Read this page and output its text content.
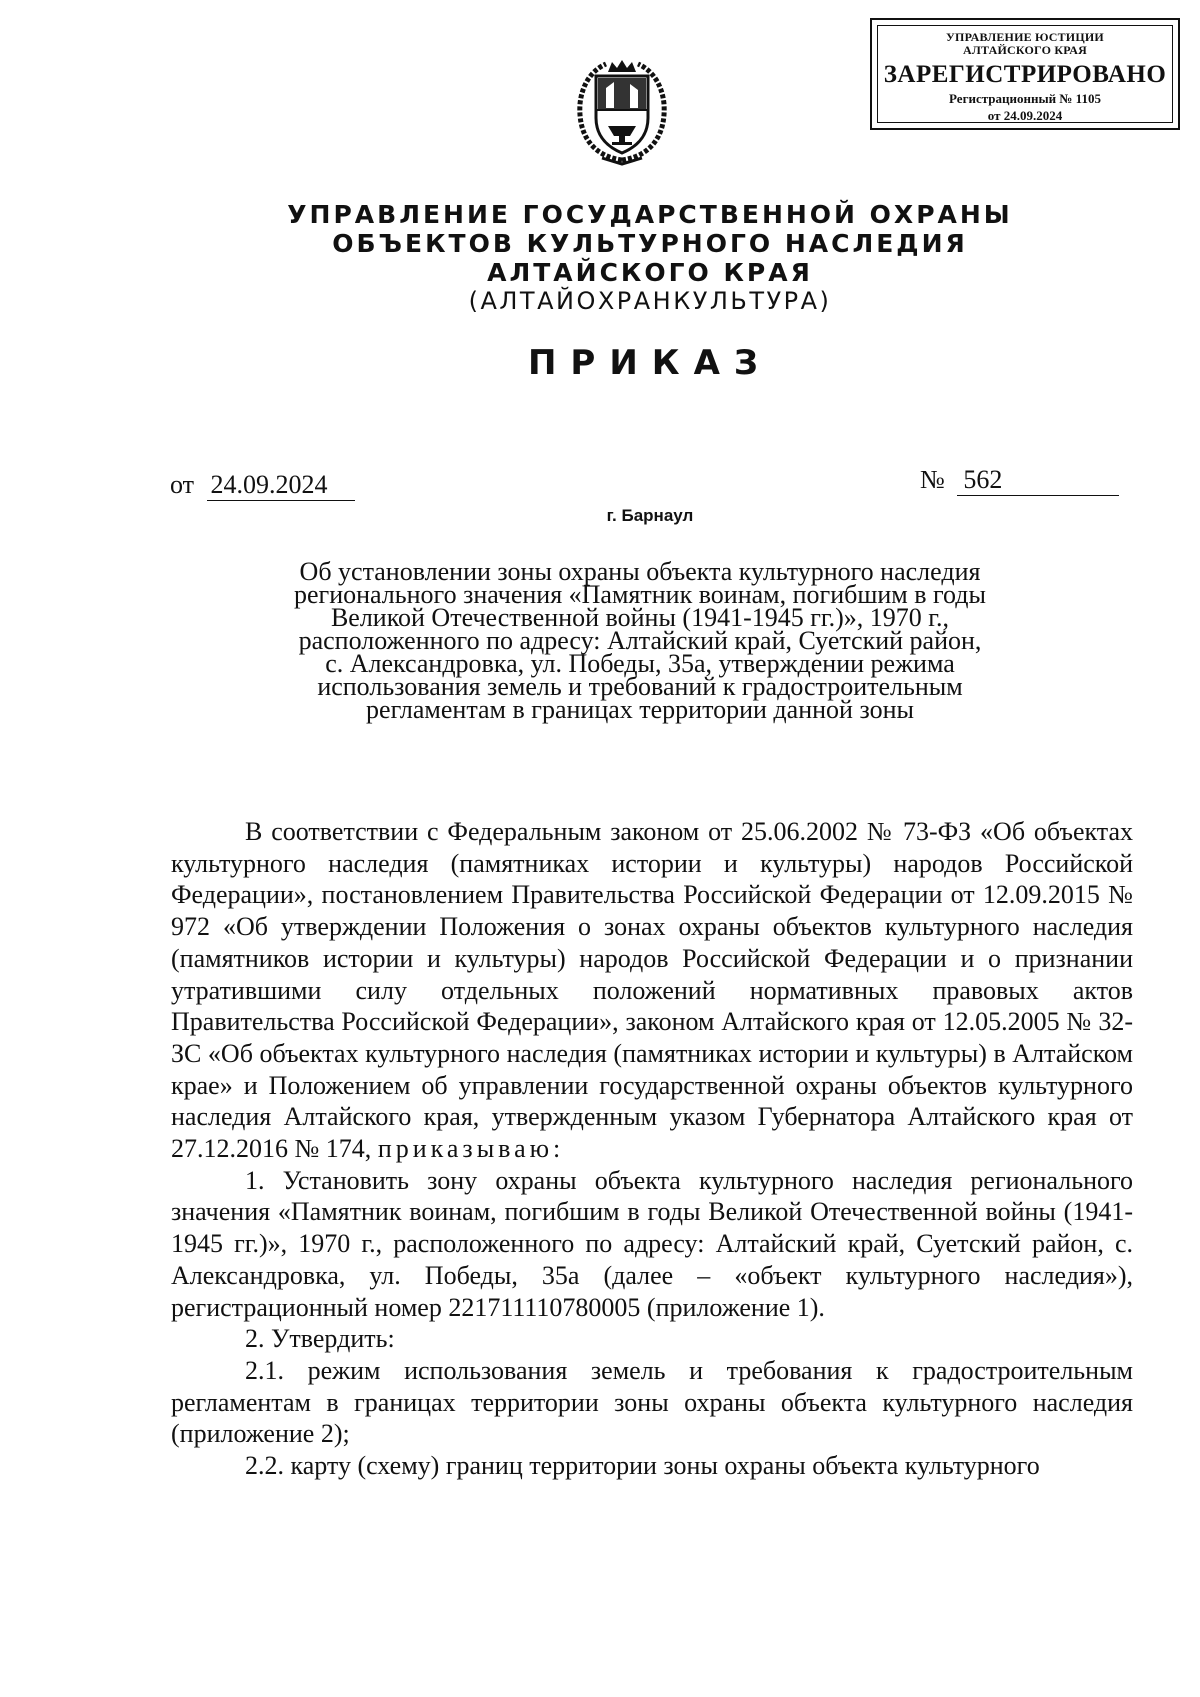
УПРАВЛЕНИЕ ЮСТИЦИИ
АЛТАЙСКОГО КРАЯ
ЗАРЕГИСТРИРОВАНО
Регистрационный № 1105
от 24.09.2024
УПРАВЛЕНИЕ ГОСУДАРСТВЕННОЙ ОХРАНЫ
ОБЪЕКТОВ КУЛЬТУРНОГО НАСЛЕДИЯ
АЛТАЙСКОГО КРАЯ
(АЛТАЙОХРАНКУЛЬТУРА)
ПРИКАЗ
от 24.09.2024	№ 562
г. Барнаул
Об установлении зоны охраны объекта культурного наследия
регионального значения «Памятник воинам, погибшим в годы
Великой Отечественной войны (1941-1945 гг.)», 1970 г.,
расположенного по адресу: Алтайский край, Суетский район,
с. Александровка, ул. Победы, 35а, утверждении режима
использования земель и требований к градостроительным
регламентам в границах территории данной зоны

В соответствии с Федеральным законом от 25.06.2002 № 73-ФЗ «Об объектах культурного наследия (памятниках истории и культуры) народов Российской Федерации», постановлением Правительства Российской Федерации от 12.09.2015 № 972 «Об утверждении Положения о зонах охраны объектов культурного наследия (памятников истории и культуры) народов Российской Федерации и о признании утратившими силу отдельных положений нормативных правовых актов Правительства Российской Федерации», законом Алтайского края от 12.05.2005 № 32-ЗС «Об объектах культурного наследия (памятниках истории и культуры) в Алтайском крае» и Положением об управлении государственной охраны объектов культурного наследия Алтайского края, утвержденным указом Губернатора Алтайского края от 27.12.2016 № 174, приказываю:

1. Установить зону охраны объекта культурного наследия регионального значения «Памятник воинам, погибшим в годы Великой Отечественной войны (1941-1945 гг.)», 1970 г., расположенного по адресу: Алтайский край, Суетский район, с. Александровка, ул. Победы, 35а (далее – «объект культурного наследия»), регистрационный номер 221711110780005 (приложение 1).

2. Утвердить:

2.1. режим использования земель и требования к градостроительным регламентам в границах территории зоны охраны объекта культурного наследия (приложение 2);

2.2. карту (схему) границ территории зоны охраны объекта культурного
